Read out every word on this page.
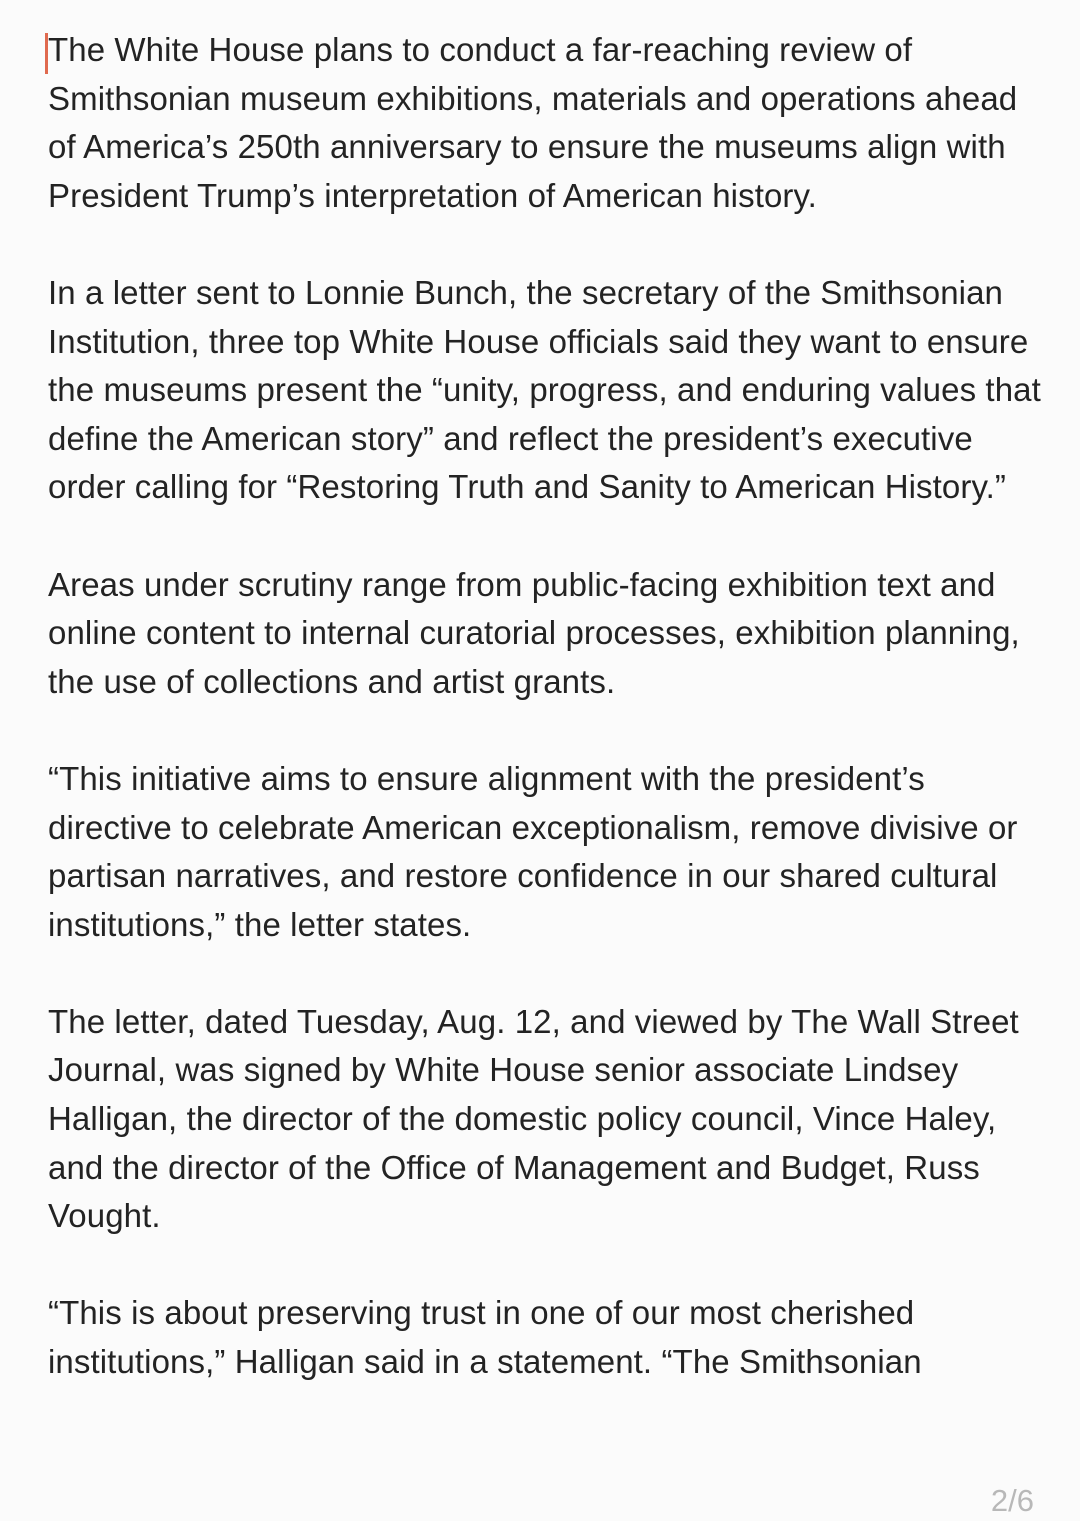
The White House plans to conduct a far-reaching review of Smithsonian museum exhibitions, materials and operations ahead of America’s 250th anniversary to ensure the museums align with President Trump’s interpretation of American history.

In a letter sent to Lonnie Bunch, the secretary of the Smithsonian Institution, three top White House officials said they want to ensure the museums present the “unity, progress, and enduring values that define the American story” and reflect the president’s executive order calling for “Restoring Truth and Sanity to American History.”

Areas under scrutiny range from public-facing exhibition text and online content to internal curatorial processes, exhibition planning, the use of collections and artist grants.

“This initiative aims to ensure alignment with the president’s directive to celebrate American exceptionalism, remove divisive or partisan narratives, and restore confidence in our shared cultural institutions,” the letter states.

The letter, dated Tuesday, Aug. 12, and viewed by The Wall Street Journal, was signed by White House senior associate Lindsey Halligan, the director of the domestic policy council, Vince Haley, and the director of the Office of Management and Budget, Russ Vought.

“This is about preserving trust in one of our most cherished institutions,” Halligan said in a statement. “The Smithsonian

2/6
